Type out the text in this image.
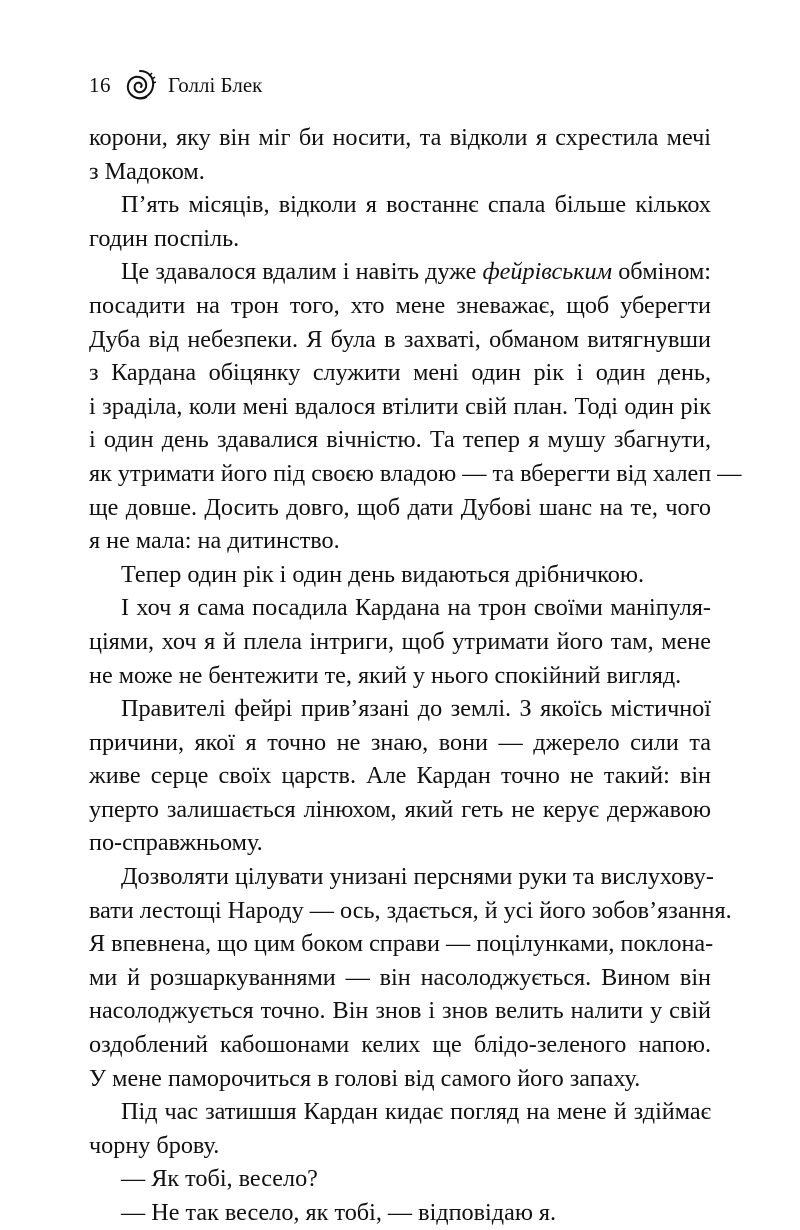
16	Голлі Блек
корони, яку він міг би носити, та відколи я схрестила мечі
з Мадоком.
П’ять місяців, відколи я востаннє спала більше кількох
годин поспіль.
Це здавалося вдалим і навіть дуже фейрівським обміном:
посадити на трон того, хто мене зневажає, щоб уберегти
Дуба від небезпеки. Я була в захваті, обманом витягнувши
з Кардана обіцянку служити мені один рік і один день,
і зраділа, коли мені вдалося втілити свій план. Тоді один рік
і один день здавалися вічністю. Та тепер я мушу збагнути,
як утримати його під своєю владою — та вберегти від халеп —
ще довше. Досить довго, щоб дати Дубові шанс на те, чого
я не мала: на дитинство.
Тепер один рік і один день видаються дрібничкою.
І хоч я сама посадила Кардана на трон своїми маніпуля-
ціями, хоч я й плела інтриги, щоб утримати його там, мене
не може не бентежити те, який у нього спокійний вигляд.
Правителі фейрі прив’язані до землі. З якоїсь містичної
причини, якої я точно не знаю, вони — джерело сили та
живе серце своїх царств. Але Кардан точно не такий: він
уперто залишається лінюхом, який геть не керує державою
по-справжньому.
Дозволяти цілувати унизані перснями руки та вислухову-
вати лестощі Народу — ось, здається, й усі його зобов’язання.
Я впевнена, що цим боком справи — поцілунками, поклона-
ми й розшаркуваннями — він насолоджується. Вином він
насолоджується точно. Він знов і знов велить налити у свій
оздоблений кабошонами келих ще блідо-зеленого напою.
У мене паморочиться в голові від самого його запаху.
Під час затишшя Кардан кидає погляд на мене й здіймає
чорну брову.
— Як тобі, весело?
— Не так весело, як тобі, — відповідаю я.
